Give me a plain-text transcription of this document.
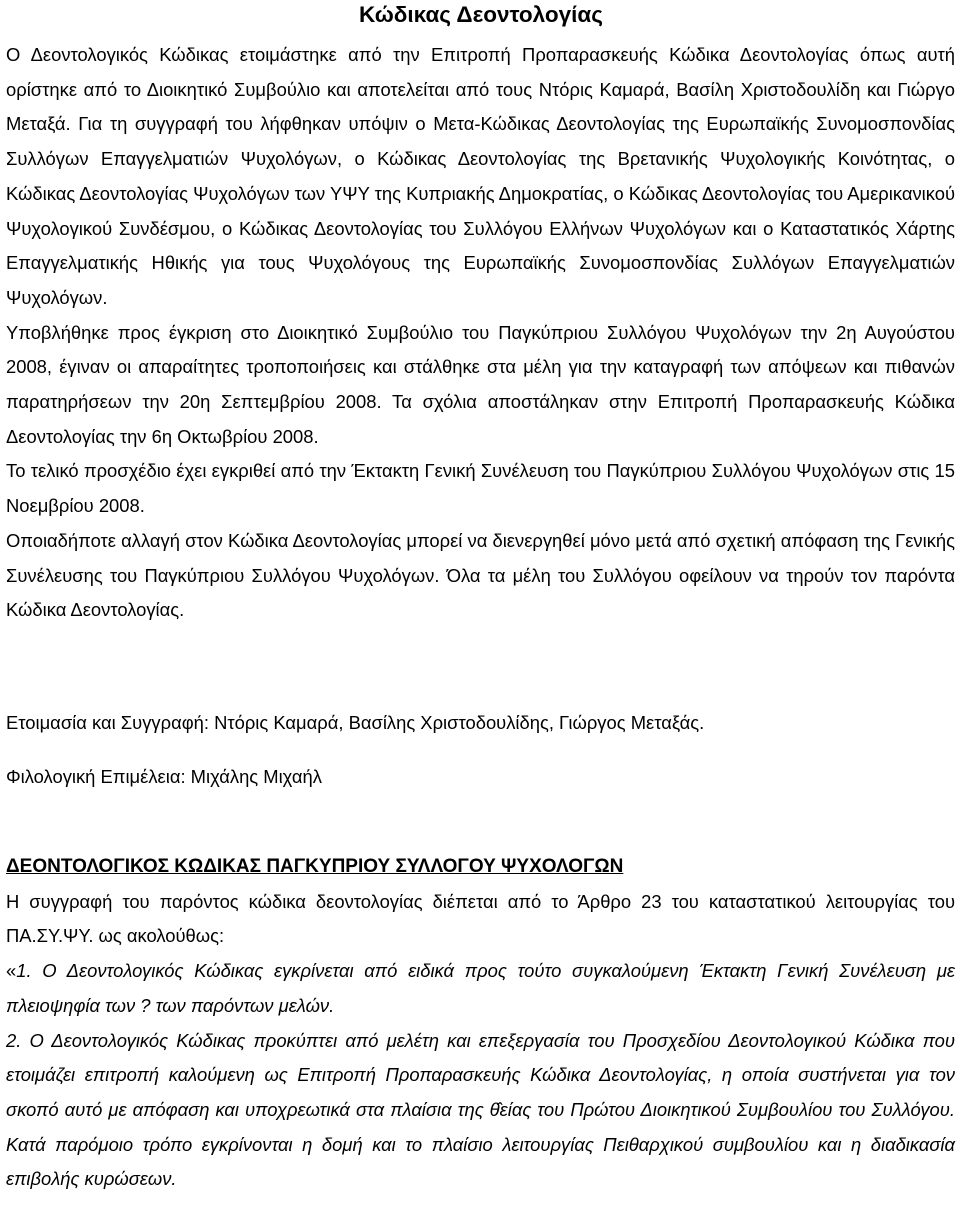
Κώδικας Δεοντολογίας

Ο Δεοντολογικός Κώδικας ετοιμάστηκε από την Επιτροπή Προπαρασκευής Κώδικα Δεοντολογίας όπως αυτή ορίστηκε από το Διοικητικό Συμβούλιο και αποτελείται από τους Ντόρις Καμαρά, Βασίλη Χριστοδουλίδη και Γιώργο Μεταξά. Για τη συγγραφή του λήφθηκαν υπόψιν ο Μετα-Κώδικας Δεοντολογίας της Ευρωπαϊκής Συνομοσπονδίας Συλλόγων Επαγγελματιών Ψυχολόγων, ο Κώδικας Δεοντολογίας της Βρετανικής Ψυχολογικής Κοινότητας, ο Κώδικας Δεοντολογίας Ψυχολόγων των ΥΨΥ της Κυπριακής Δημοκρατίας, ο Κώδικας Δεοντολογίας του Αμερικανικού Ψυχολογικού Συνδέσμου, ο Κώδικας Δεοντολογίας του Συλλόγου Ελλήνων Ψυχολόγων και ο Καταστατικός Χάρτης Επαγγελματικής Ηθικής για τους Ψυχολόγους της Ευρωπαϊκής Συνομοσπονδίας Συλλόγων Επαγγελματιών Ψυχολόγων.

Υποβλήθηκε προς έγκριση στο Διοικητικό Συμβούλιο του Παγκύπριου Συλλόγου Ψυχολόγων την 2η Αυγούστου 2008, έγιναν οι απαραίτητες τροποποιήσεις και στάλθηκε στα μέλη για την καταγραφή των απόψεων και πιθανών παρατηρήσεων την 20η Σεπτεμβρίου 2008. Τα σχόλια αποστάληκαν στην Επιτροπή Προπαρασκευής Κώδικα Δεοντολογίας την 6η Οκτωβρίου 2008.

Το τελικό προσχέδιο έχει εγκριθεί από την Έκτακτη Γενική Συνέλευση του Παγκύπριου Συλλόγου Ψυχολόγων στις 15 Νοεμβρίου 2008.

Οποιαδήποτε αλλαγή στον Κώδικα Δεοντολογίας μπορεί να διενεργηθεί μόνο μετά από σχετική απόφαση της Γενικής Συνέλευσης του Παγκύπριου Συλλόγου Ψυχολόγων. Όλα τα μέλη του Συλλόγου οφείλουν να τηρούν τον παρόντα Κώδικα Δεοντολογίας.

Ετοιμασία και Συγγραφή: Ντόρις Καμαρά, Βασίλης Χριστοδουλίδης, Γιώργος Μεταξάς.

Φιλολογική Επιμέλεια: Μιχάλης Μιχαήλ

ΔΕΟΝΤΟΛΟΓΙΚΟΣ ΚΩΔΙΚΑΣ ΠΑΓΚΥΠΡΙΟΥ ΣΥΛΛΟΓΟΥ ΨΥΧΟΛΟΓΩΝ

Η συγγραφή του παρόντος κώδικα δεοντολογίας διέπεται από το Άρθρο 23 του καταστατικού λειτουργίας του ΠΑ.ΣΥ.ΨΥ. ως ακολούθως:

«1. Ο Δεοντολογικός Κώδικας εγκρίνεται από ειδικά προς τούτο συγκαλούμενη Έκτακτη Γενική Συνέλευση με πλειοψηφία των ? των παρόντων μελών.

2. Ο Δεοντολογικός Κώδικας προκύπτει από μελέτη και επεξεργασία του Προσχεδίου Δεοντολογικού Κώδικα που ετοιμάζει επιτροπή καλούμενη ως Επιτροπή Προπαρασκευής Κώδικα Δεοντολογίας, η οποία συστήνεται για τον σκοπό αυτό με απόφαση και υποχρεωτικά στα πλαίσια της θ̂είας του Πρώτου Διοικητικού Συμβουλίου του Συλλόγου. Κατά παρόμοιο τρόπο εγκρίνονται η δομή και το πλαίσιο λειτουργίας Πειθαρχικού συμβουλίου και η διαδικασία επιβολής κυρώσεων.
